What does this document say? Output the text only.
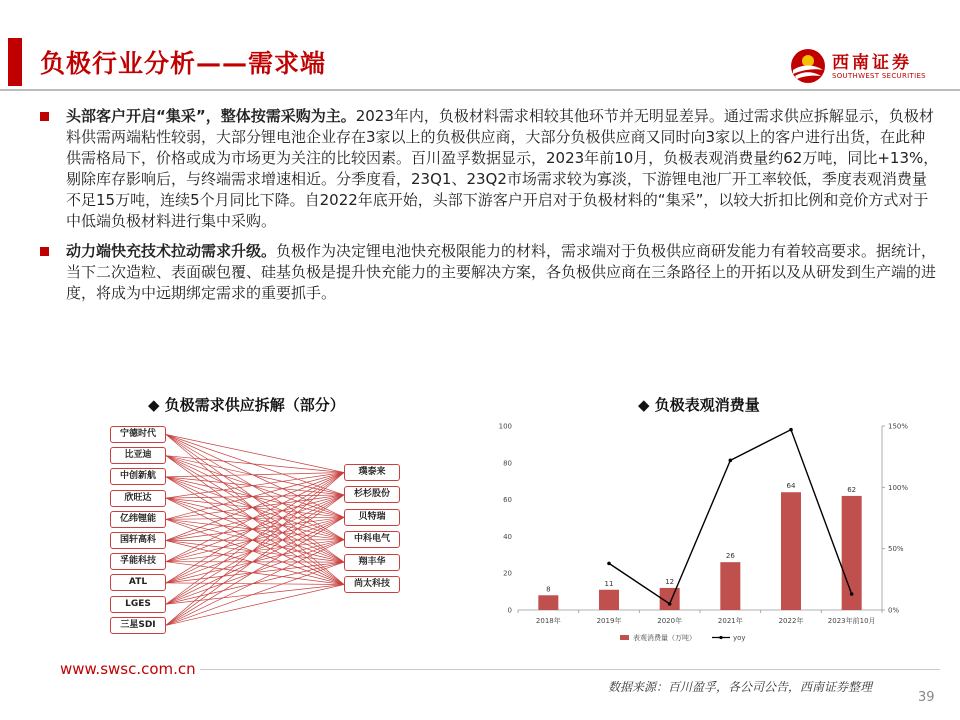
负极行业分析——需求端	西南证券
SOUTHWEST SECURITIES
头部客户开启“集采”，整体按需采购为主。2023年内，负极材料需求相较其他环节并无明显差异。通过需求供应拆解显示，负极材料供需两端粘性较弱，大部分锂电池企业存在3家以上的负极供应商，大部分负极供应商又同时向3家以上的客户进行出货，在此种供需格局下，价格或成为市场更为关注的比较因素。百川盈孚数据显示，2023年前10月，负极表观消费量约62万吨，同比+13%，剔除库存影响后，与终端需求增速相近。分季度看，23Q1、23Q2市场需求较为寡淡，下游锂电池厂开工率较低，季度表观消费量不足15万吨，连续5个月同比下降。自2022年底开始，头部下游客户开启对于负极材料的“集采”，以较大折扣比例和竞价方式对于中低端负极材料进行集中采购。
动力端快充技术拉动需求升级。负极作为决定锂电池快充极限能力的材料，需求端对于负极供应商研发能力有着较高要求。据统计，当下二次造粒、表面碳包覆、硅基负极是提升快充能力的主要解决方案，各负极供应商在三条路径上的开拓以及从研发到生产端的进度，将成为中远期绑定需求的重要抓手。
◆ 负极需求供应拆解（部分）
宁德时代
比亚迪
中创新航
欣旺达
亿纬锂能
国轩高科
孚能科技
ATL
LGES
三星SDI
璞泰来
杉杉股份
贝特瑞
中科电气
翔丰华
尚太科技
◆ 负极表观消费量
0
20
40
60
80
100
0%
50%
100%
150%
8
11	12
26
64	62
2018年	2019年	2020年	2021年	2022年	2023年前10月
表观消费量（万吨）	yoy
www.swsc.com.cn
数据来源：百川盈孚，各公司公告，西南证券整理
39
